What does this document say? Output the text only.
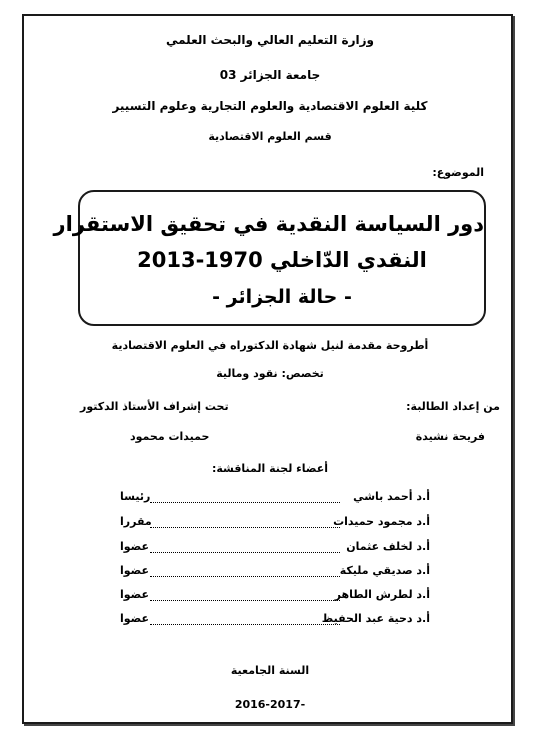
وزارة التعليم العالي والبحث العلمي
جامعة الجزائر 03
كلية العلوم الاقتصادية والعلوم التجارية وعلوم التسيير
قسم العلوم الاقتصادية
الموضوع:
دور السياسة النقدية في تحقيق الاستقرار
النقدي الدّاخلي 1970-2013
- حالة الجزائر -
أطروحة مقدمة لنيل شهادة الدكتوراه في العلوم الاقتصادية
تخصص: نقود ومالية
من إعداد الطالبة:
تحت إشراف الأستاذ الدكتور
فريحة نشيدة
حميدات محمود
أعضاء لجنة المناقشة:
أ.د أحمد باشي
رئيسا
أ.د مجمود حميدات
مقررا
أ.د لخلف عثمان
عضوا
أ.د صديقي مليكة
عضوا
أ.د لطرش الطاهر
عضوا
أ.د دحية عبد الحفيظ
عضوا
السنة الجامعية
2016-2017-
